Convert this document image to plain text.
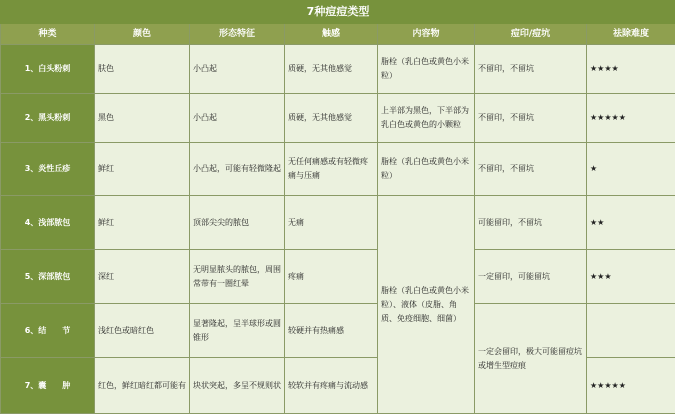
7种痘痘类型						
种类	颜色	形态特征	触感	内容物	痘印/痘坑	祛除难度
1、白头粉刺	肤色	小凸起	质硬，无其他感觉	脂栓（乳白色或黄色小米粒）	不留印，不留坑	★★★★
2、黑头粉刺	黑色	小凸起	质硬，无其他感觉	上半部为黑色，下半部为乳白色或黄色的小颗粒	不留印，不留坑	★★★★★
3、炎性丘疹	鲜红	小凸起，可能有轻微隆起	无任何痛感或有轻微疼痛与压痛	脂栓（乳白色或黄色小米粒）	不留印，不留坑	★
4、浅部脓包	鲜红	顶部尖尖的脓包	无痛	脂栓（乳白色或黄色小米粒）、液体（皮脂、角质、免疫细胞、细菌）	可能留印，不留坑	★★
5、深部脓包	深红	无明显脓头的脓包，周围常带有一圈红晕	疼痛		一定留印，可能留坑	★★★
6、结　　节	浅红色或暗红色	显著隆起，呈半球形或圆锥形	较硬并有热痛感		一定会留印，极大可能留痘坑或增生型痘痕	
7、囊　　肿	红色，鲜红暗红都可能有	块状突起，多呈不规则状	较软并有疼痛与流动感			★★★★★
